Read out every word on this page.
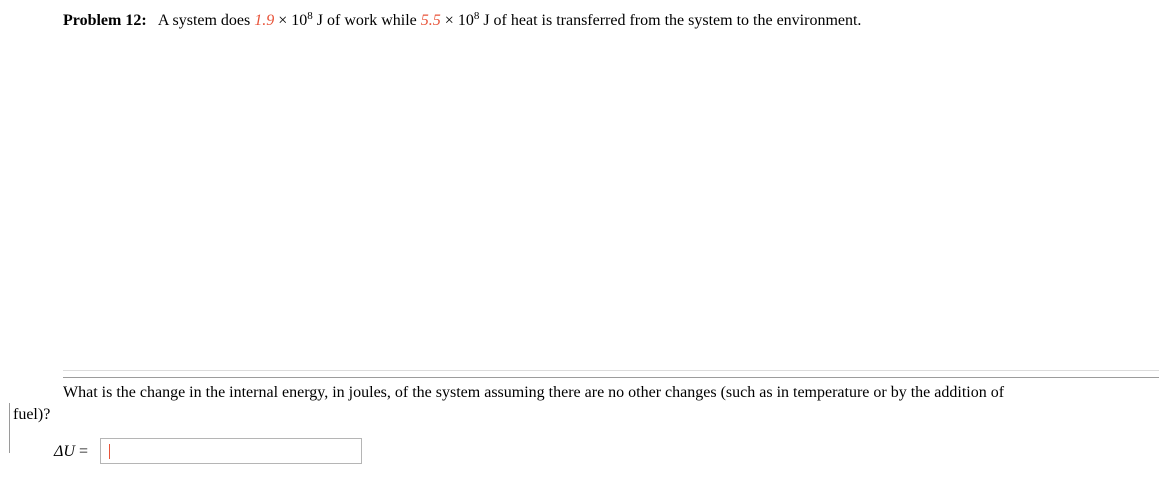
Problem 12: A system does $1.9 \times 10^8$ J of work while $5.5 \times 10^8$ J of heat is transferred from the system to the environment.
What is the change in the internal energy, in joules, of the system assuming there are no other changes (such as in temperature or by the addition of
fuel)?
ΔU =
